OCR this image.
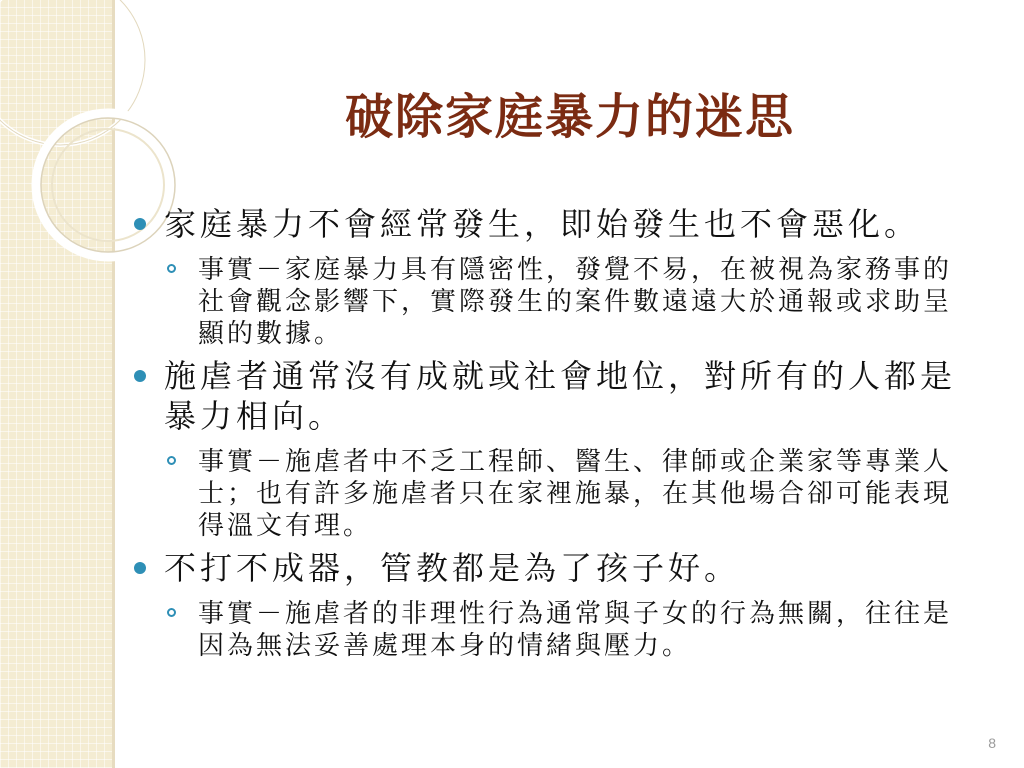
破除家庭暴力的迷思
家庭暴力不會經常發生，即始發生也不會惡化。
事實－家庭暴力具有隱密性，發覺不易，在被視為家務事的社會觀念影響下，實際發生的案件數遠遠大於通報或求助呈顯的數據。
施虐者通常沒有成就或社會地位，對所有的人都是暴力相向。
事實－施虐者中不乏工程師、醫生、律師或企業家等專業人士；也有許多施虐者只在家裡施暴，在其他場合卻可能表現得溫文有理。
不打不成器，管教都是為了孩子好。
事實－施虐者的非理性行為通常與子女的行為無關，往往是因為無法妥善處理本身的情緒與壓力。
8
